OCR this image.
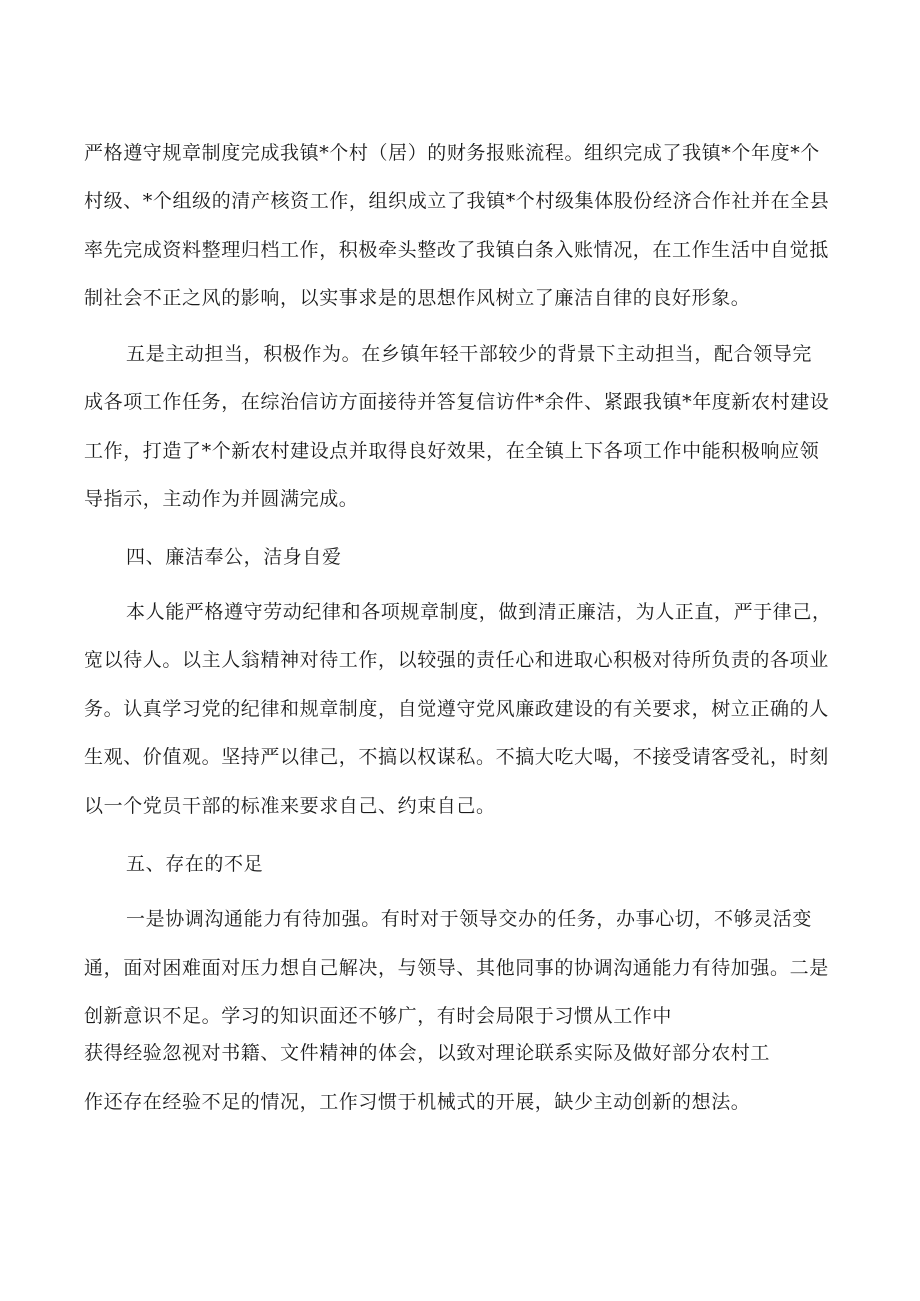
严格遵守规章制度完成我镇*个村（居）的财务报账流程。组织完成了我镇*个年度*个
村级、*个组级的清产核资工作，组织成立了我镇*个村级集体股份经济合作社并在全县
率先完成资料整理归档工作，积极牵头整改了我镇白条入账情况，在工作生活中自觉抵
制社会不正之风的影响，以实事求是的思想作风树立了廉洁自律的良好形象。
五是主动担当，积极作为。在乡镇年轻干部较少的背景下主动担当，配合领导完
成各项工作任务，在综治信访方面接待并答复信访件*余件、紧跟我镇*年度新农村建设
工作，打造了*个新农村建设点并取得良好效果，在全镇上下各项工作中能积极响应领
导指示，主动作为并圆满完成。
四、廉洁奉公，洁身自爱
本人能严格遵守劳动纪律和各项规章制度，做到清正廉洁，为人正直，严于律己，
宽以待人。以主人翁精神对待工作，以较强的责任心和进取心积极对待所负责的各项业
务。认真学习党的纪律和规章制度，自觉遵守党风廉政建设的有关要求，树立正确的人
生观、价值观。坚持严以律己，不搞以权谋私。不搞大吃大喝，不接受请客受礼，时刻
以一个党员干部的标准来要求自己、约束自己。
五、存在的不足
一是协调沟通能力有待加强。有时对于领导交办的任务，办事心切，不够灵活变
通，面对困难面对压力想自己解决，与领导、其他同事的协调沟通能力有待加强。二是
创新意识不足。学习的知识面还不够广，有时会局限于习惯从工作中
获得经验忽视对书籍、文件精神的体会，以致对理论联系实际及做好部分农村工
作还存在经验不足的情况，工作习惯于机械式的开展，缺少主动创新的想法。
